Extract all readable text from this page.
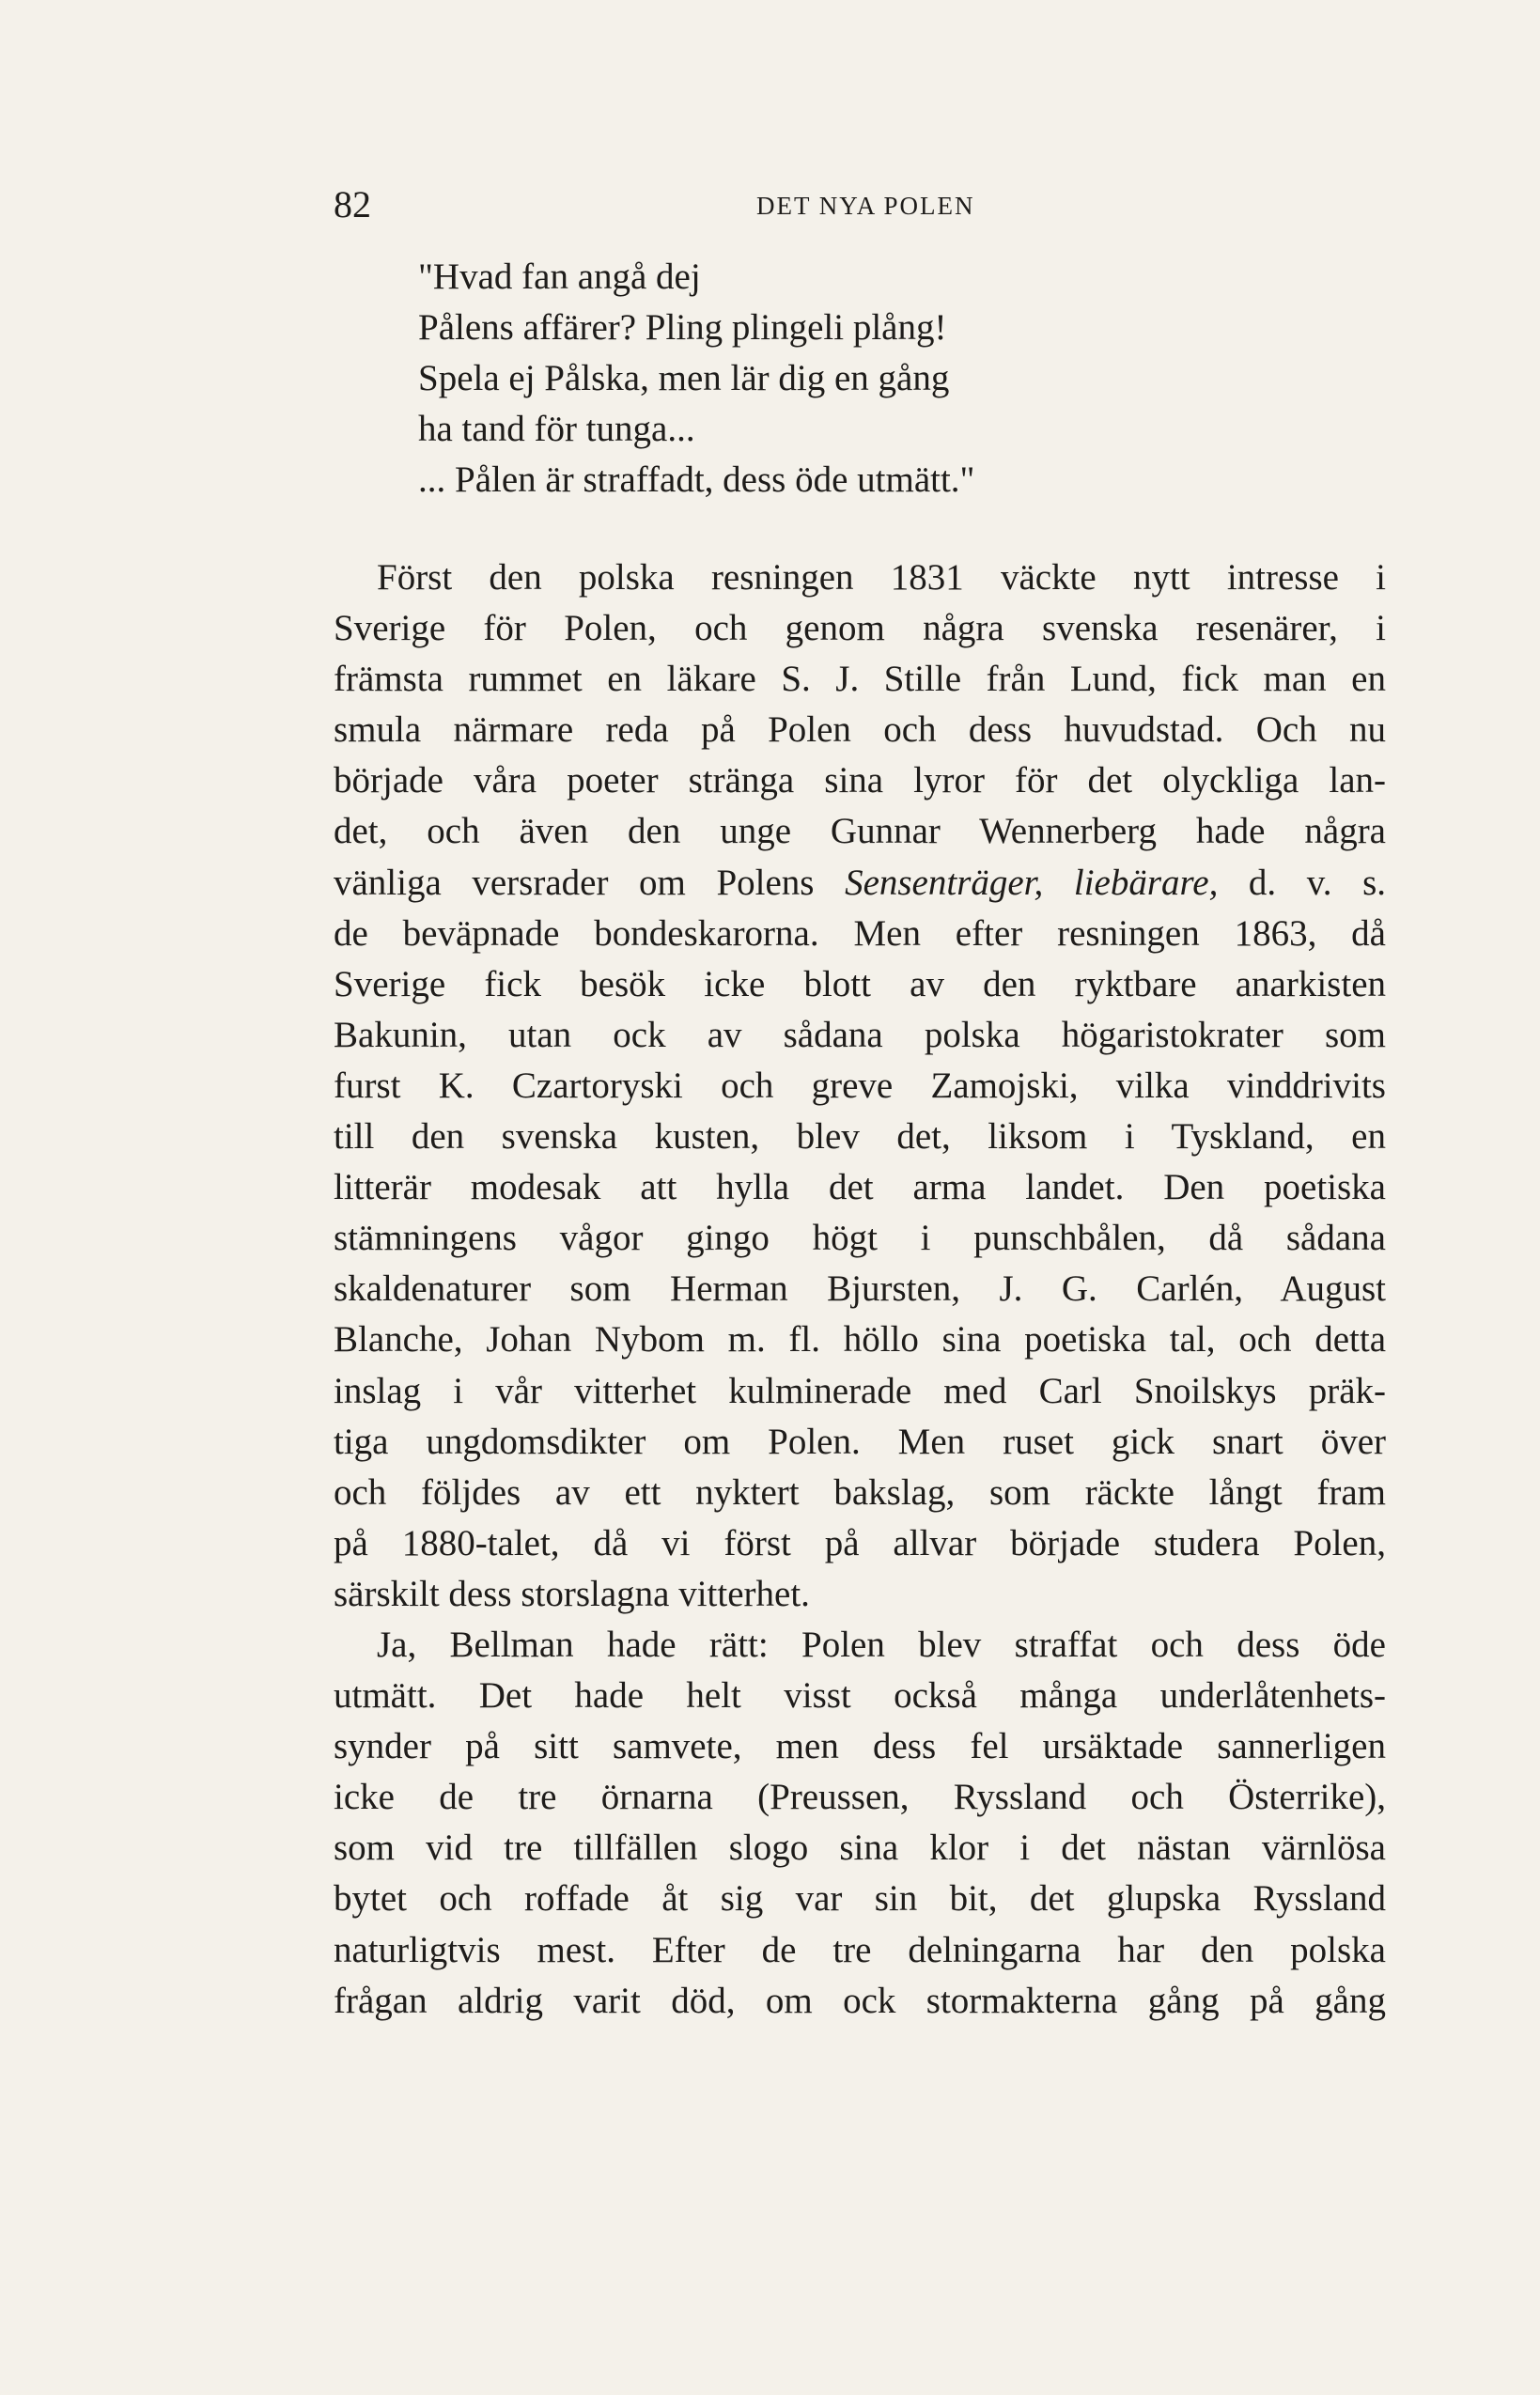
82	DET NYA POLEN
"Hvad fan angå dej
Pålens affärer? Pling plingeli plång!
Spela ej Pålska, men lär dig en gång
ha tand för tunga...
... Pålen är straffadt, dess öde utmätt."
Först den polska resningen 1831 väckte nytt intresse i
Sverige för Polen, och genom några svenska resenärer, i
främsta rummet en läkare S. J. Stille från Lund, fick man en
smula närmare reda på Polen och dess huvudstad. Och nu
började våra poeter stränga sina lyror för det olyckliga lan-
det, och även den unge Gunnar Wennerberg hade några
vänliga versrader om Polens Sensenträger, liebärare, d. v. s.
de beväpnade bondeskarorna. Men efter resningen 1863, då
Sverige fick besök icke blott av den ryktbare anarkisten
Bakunin, utan ock av sådana polska högaristokrater som
furst K. Czartoryski och greve Zamojski, vilka vinddrivits
till den svenska kusten, blev det, liksom i Tyskland, en
litterär modesak att hylla det arma landet. Den poetiska
stämningens vågor gingo högt i punschbålen, då sådana
skaldenaturer som Herman Bjursten, J. G. Carlén, August
Blanche, Johan Nybom m. fl. höllo sina poetiska tal, och detta
inslag i vår vitterhet kulminerade med Carl Snoilskys präk-
tiga ungdomsdikter om Polen. Men ruset gick snart över
och följdes av ett nyktert bakslag, som räckte långt fram
på 1880-talet, då vi först på allvar började studera Polen,
särskilt dess storslagna vitterhet.
Ja, Bellman hade rätt: Polen blev straffat och dess öde
utmätt. Det hade helt visst också många underlåtenhets-
synder på sitt samvete, men dess fel ursäktade sannerligen
icke de tre örnarna (Preussen, Ryssland och Österrike),
som vid tre tillfällen slogo sina klor i det nästan värnlösa
bytet och roffade åt sig var sin bit, det glupska Ryssland
naturligtvis mest. Efter de tre delningarna har den polska
frågan aldrig varit död, om ock stormakterna gång på gång
